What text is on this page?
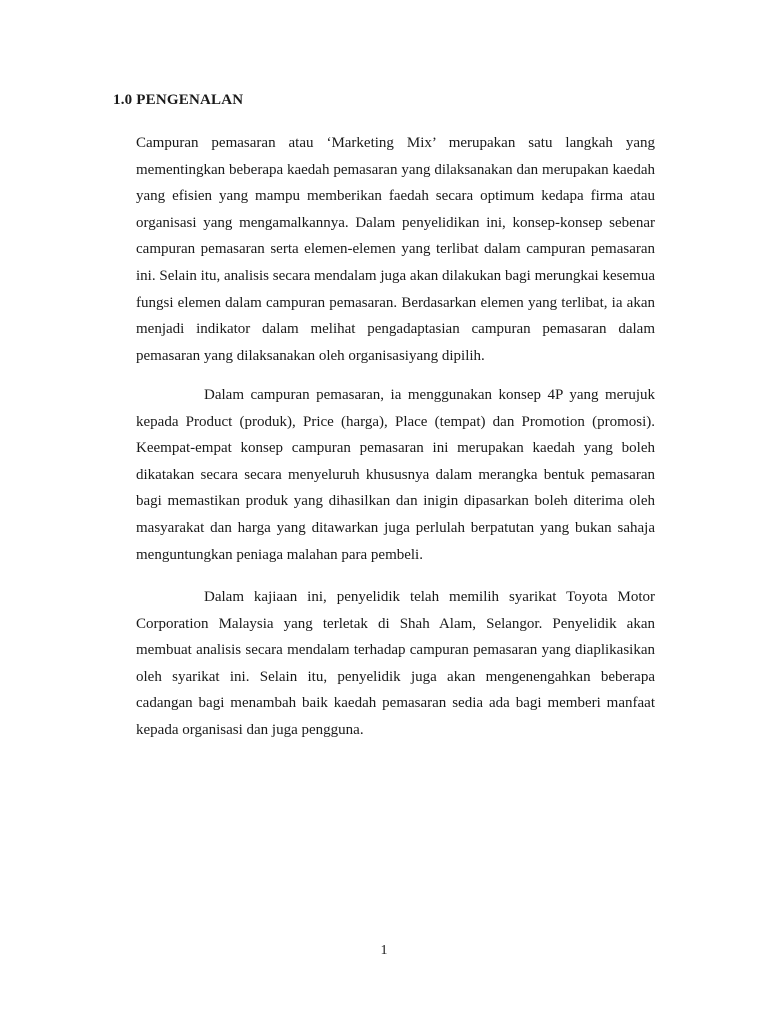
1.0 PENGENALAN

Campuran pemasaran atau ‘Marketing Mix’ merupakan satu langkah yang mementingkan beberapa kaedah pemasaran yang dilaksanakan dan merupakan kaedah yang efisien yang mampu memberikan faedah secara optimum kedapa firma atau organisasi yang mengamalkannya. Dalam penyelidikan ini, konsep-konsep sebenar campuran pemasaran serta elemen-elemen yang terlibat dalam campuran pemasaran ini. Selain itu, analisis secara mendalam juga akan dilakukan bagi merungkai kesemua fungsi elemen dalam campuran pemasaran. Berdasarkan elemen yang terlibat, ia akan menjadi indikator dalam melihat pengadaptasian campuran pemasaran dalam pemasaran yang dilaksanakan oleh organisasiyang dipilih.

Dalam campuran pemasaran, ia menggunakan konsep 4P yang merujuk kepada Product (produk), Price (harga), Place (tempat) dan Promotion (promosi). Keempat-empat konsep campuran pemasaran ini merupakan kaedah yang boleh dikatakan secara secara menyeluruh khususnya dalam merangka bentuk pemasaran bagi memastikan produk yang dihasilkan dan inigin dipasarkan boleh diterima oleh masyarakat dan harga yang ditawarkan juga perlulah berpatutan yang bukan sahaja menguntungkan peniaga malahan para pembeli.

Dalam kajiaan ini, penyelidik telah memilih syarikat Toyota Motor Corporation Malaysia yang terletak di Shah Alam, Selangor. Penyelidik akan membuat analisis secara mendalam terhadap campuran pemasaran yang diaplikasikan oleh syarikat ini. Selain itu, penyelidik juga akan mengenengahkan beberapa cadangan bagi menambah baik kaedah pemasaran sedia ada bagi memberi manfaat kepada organisasi dan juga pengguna.

1
